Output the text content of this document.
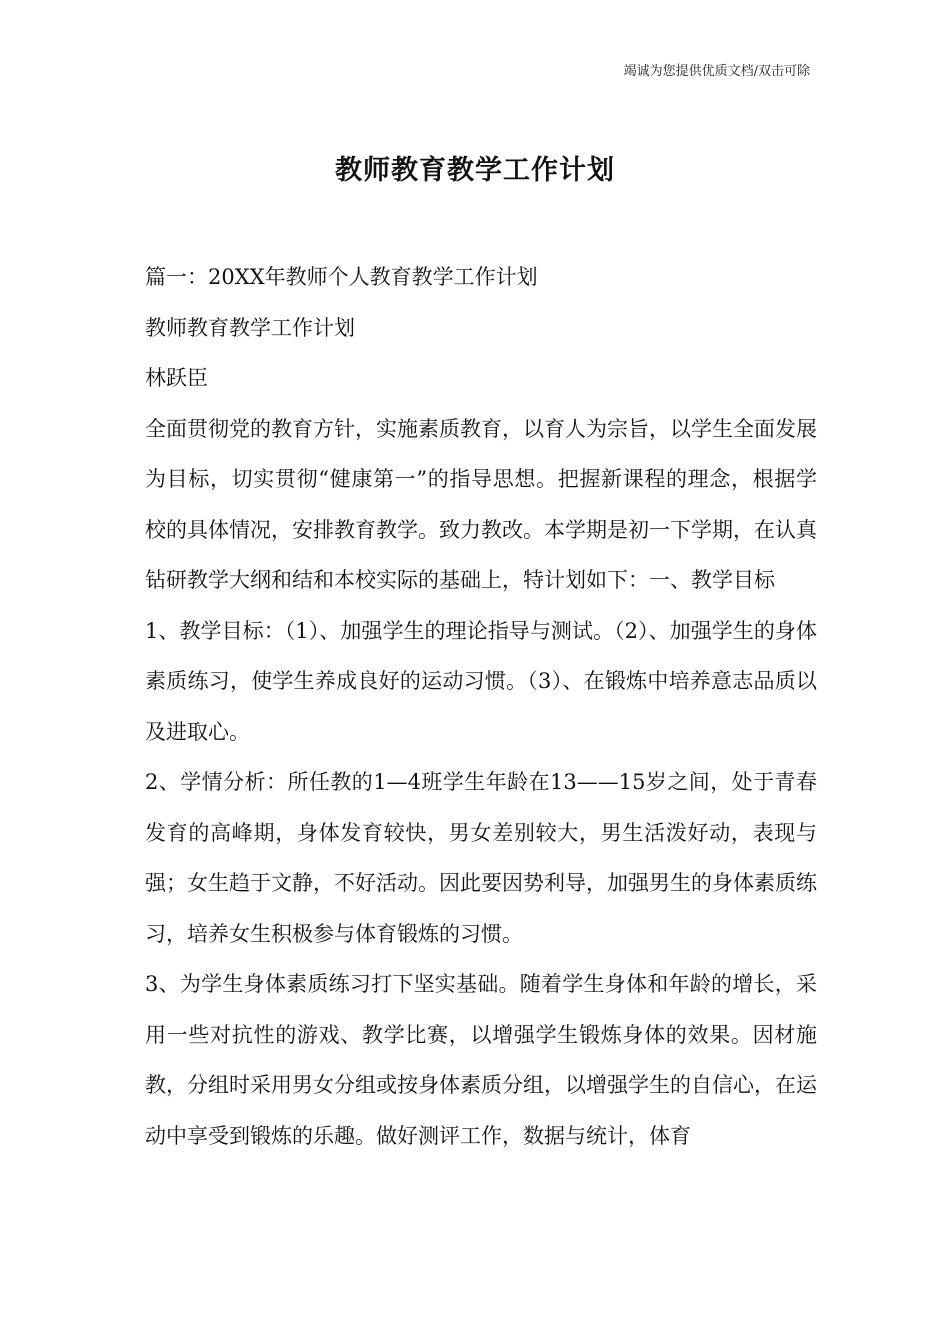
竭诚为您提供优质文档/双击可除
教师教育教学工作计划

篇一：20XX年教师个人教育教学工作计划

教师教育教学工作计划

林跃臣

全面贯彻党的教育方针，实施素质教育，以育人为宗旨，以学生全面发展为目标，切实贯彻“健康第一”的指导思想。把握新课程的理念，根据学校的具体情况，安排教育教学。致力教改。本学期是初一下学期，在认真钻研教学大纲和结和本校实际的基础上，特计划如下：一、教学目标

1、教学目标：（1）、加强学生的理论指导与测试。（2）、加强学生的身体素质练习，使学生养成良好的运动习惯。（3）、在锻炼中培养意志品质以及进取心。

2、学情分析：所任教的1—4班学生年龄在13——15岁之间，处于青春发育的高峰期，身体发育较快，男女差别较大，男生活泼好动，表现与强；女生趋于文静，不好活动。因此要因势利导，加强男生的身体素质练习，培养女生积极参与体育锻炼的习惯。

3、为学生身体素质练习打下坚实基础。随着学生身体和年龄的增长，采用一些对抗性的游戏、教学比赛，以增强学生锻炼身体的效果。因材施教，分组时采用男女分组或按身体素质分组，以增强学生的自信心，在运动中享受到锻炼的乐趣。做好测评工作，数据与统计，体育
